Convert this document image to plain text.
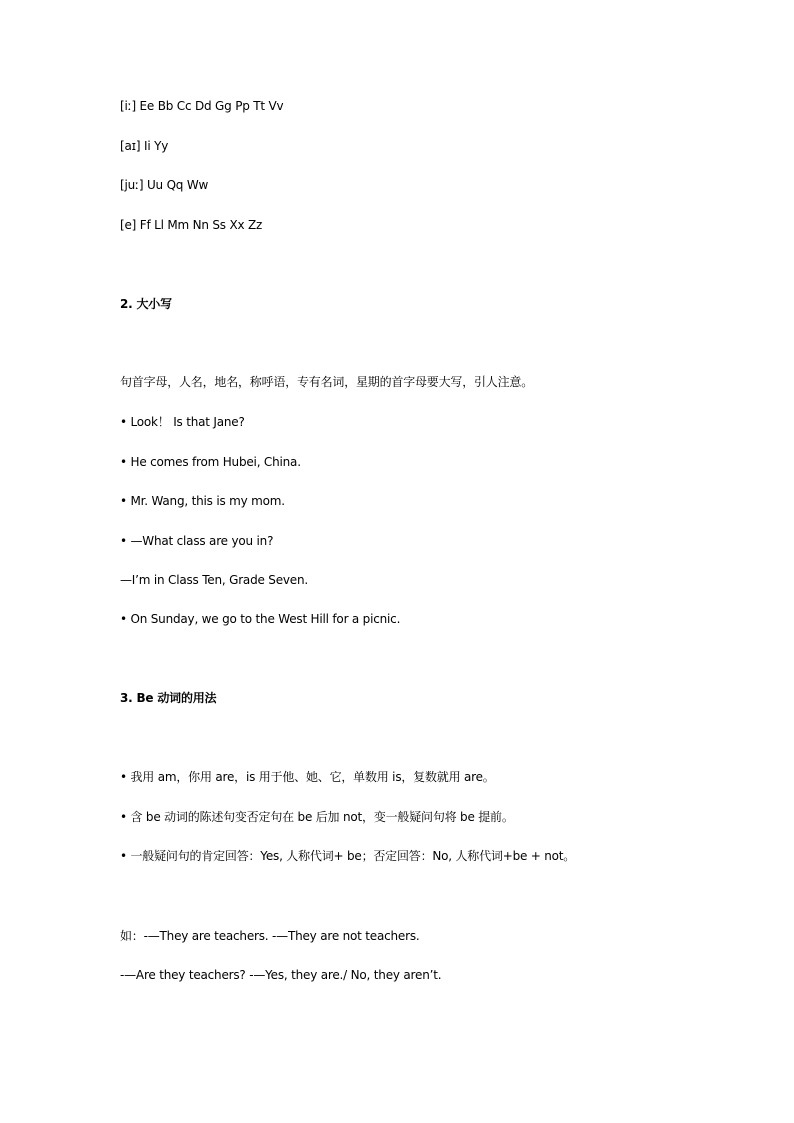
[iː] Ee Bb Cc Dd Gg Pp Tt Vv
[aɪ] Ii Yy
[juː] Uu Qq Ww
[e] Ff Ll Mm Nn Ss Xx Zz
2. 大小写
句首字母，人名，地名，称呼语，专有名词，星期的首字母要大写，引人注意。
• Look！ Is that Jane?
• He comes from Hubei, China.
• Mr. Wang, this is my mom.
• —What class are you in?
—I’m in Class Ten, Grade Seven.
• On Sunday, we go to the West Hill for a picnic.
3. Be 动词的用法
• 我用 am，你用 are，is 用于他、她、它，单数用 is，复数就用 are。
• 含 be 动词的陈述句变否定句在 be 后加 not，变一般疑问句将 be 提前。
• 一般疑问句的肯定回答：Yes, 人称代词+ be；否定回答：No, 人称代词+be + not。
如：-—They are teachers. -—They are not teachers.
-—Are they teachers? -—Yes, they are./ No, they aren’t.
